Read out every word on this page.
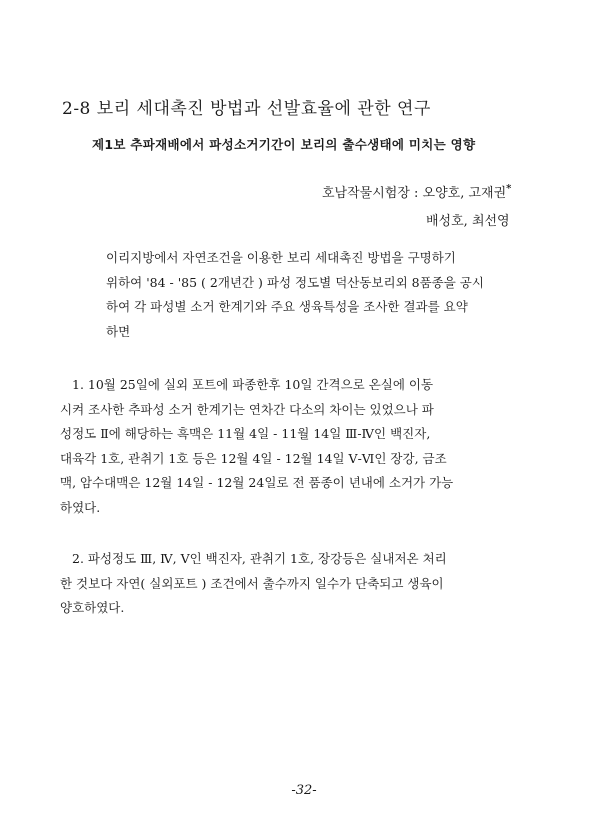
2-8 보리 세대촉진 방법과 선발효율에 관한 연구
제1보 추파재배에서 파성소거기간이 보리의 출수생태에 미치는 영향
호남작물시험장 : 오양호, 고재권*
배성호, 최선영
이리지방에서 자연조건을 이용한 보리 세대촉진 방법을 구명하기
위하여 '84 - '85 ( 2개년간 ) 파성 정도별 덕산동보리외 8품종을 공시
하여 각 파성별 소거 한계기와 주요 생육특성을 조사한 결과를 요약
하면
1. 10월 25일에 실외 포트에 파종한후 10일 간격으로 온실에 이동
시켜 조사한 추파성 소거 한계기는 연차간 다소의 차이는 있었으나 파
성정도 Ⅱ에 해당하는 흑맥은 11월 4일 - 11월 14일 Ⅲ-Ⅳ인 백진자,
대육각 1호, 관취기 1호 등은 12월 4일 - 12월 14일 Ⅴ-Ⅵ인 장강, 금조
맥, 암수대맥은 12월 14일 - 12월 24일로 전 품종이 년내에 소거가 가능
하였다.
2. 파성정도 Ⅲ, Ⅳ, Ⅴ인 백진자, 관취기 1호, 장강등은 실내저온 처리
한 것보다 자연( 실외포트 ) 조건에서 출수까지 일수가 단축되고 생육이
양호하였다.
-32-
